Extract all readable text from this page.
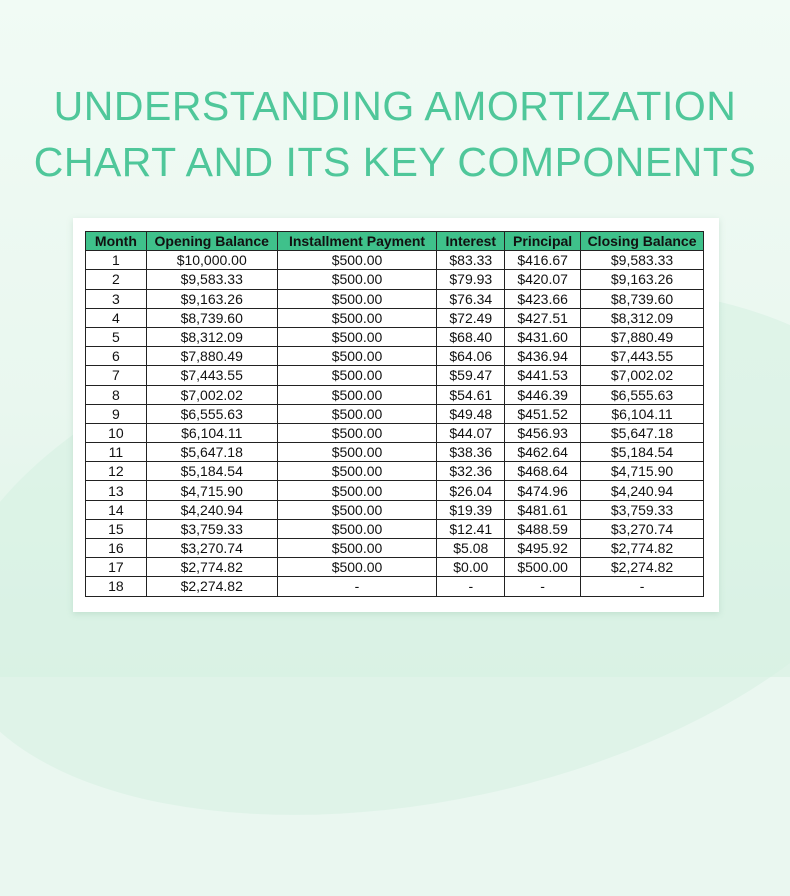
UNDERSTANDING AMORTIZATION
CHART AND ITS KEY COMPONENTS
Month	Opening Balance	Installment Payment	Interest	Principal	Closing Balance
1	$10,000.00	$500.00	$83.33	$416.67	$9,583.33
2	$9,583.33	$500.00	$79.93	$420.07	$9,163.26
3	$9,163.26	$500.00	$76.34	$423.66	$8,739.60
4	$8,739.60	$500.00	$72.49	$427.51	$8,312.09
5	$8,312.09	$500.00	$68.40	$431.60	$7,880.49
6	$7,880.49	$500.00	$64.06	$436.94	$7,443.55
7	$7,443.55	$500.00	$59.47	$441.53	$7,002.02
8	$7,002.02	$500.00	$54.61	$446.39	$6,555.63
9	$6,555.63	$500.00	$49.48	$451.52	$6,104.11
10	$6,104.11	$500.00	$44.07	$456.93	$5,647.18
11	$5,647.18	$500.00	$38.36	$462.64	$5,184.54
12	$5,184.54	$500.00	$32.36	$468.64	$4,715.90
13	$4,715.90	$500.00	$26.04	$474.96	$4,240.94
14	$4,240.94	$500.00	$19.39	$481.61	$3,759.33
15	$3,759.33	$500.00	$12.41	$488.59	$3,270.74
16	$3,270.74	$500.00	$5.08	$495.92	$2,774.82
17	$2,774.82	$500.00	$0.00	$500.00	$2,274.82
18	$2,274.82	-	-	-	-
